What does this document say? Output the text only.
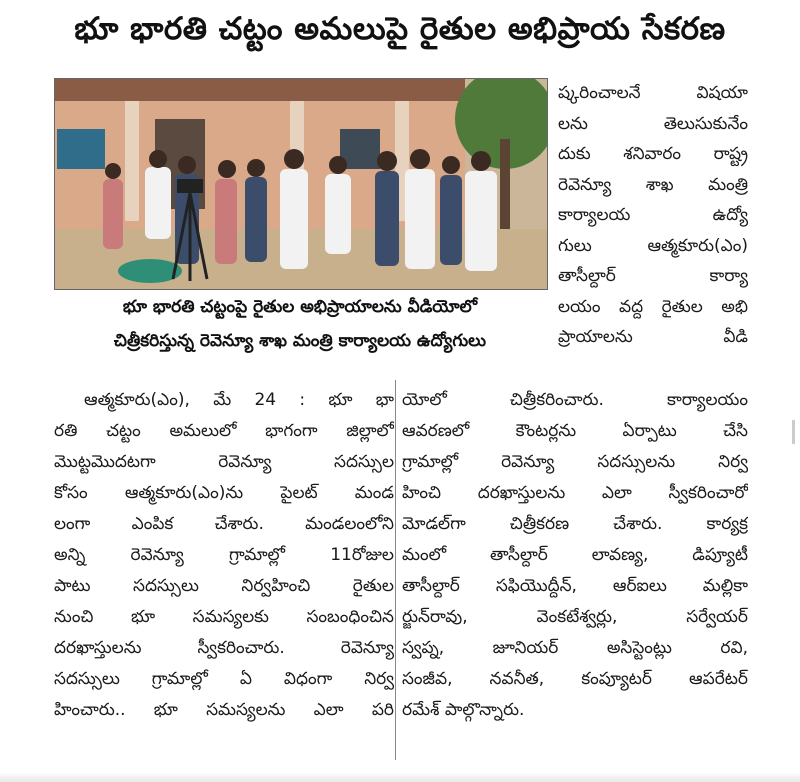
భూ భారతి చట్టం అమలుపై రైతుల అభిప్రాయ సేకరణ
భూ భారతి చట్టంపై రైతుల అభిప్రాయాలను వీడియోలో
చిత్రీకరిస్తున్న రెవెన్యూ శాఖ మంత్రి కార్యాలయ ఉద్యోగులు
ష్కరించాలనే విషయా
లను తెలుసుకునేం
దుకు శనివారం రాష్ట్ర
రెవెన్యూ శాఖ మంత్రి
కార్యాలయ ఉద్యో
గులు ఆత్మకూరు(ఎం)
తాసీల్దార్ కార్యా
లయం వద్ద రైతుల అభి
ప్రాయాలను వీడి
ఆత్మకూరు(ఎం), మే 24 : భూ భా
రతి చట్టం అమలులో భాగంగా జిల్లాలో
మొట్టమొదటగా రెవెన్యూ సదస్సుల
కోసం ఆత్మకూరు(ఎం)ను పైలట్ మండ
లంగా ఎంపిక చేశారు. మండలంలోని
అన్ని రెవెన్యూ గ్రామాల్లో 11రోజుల
పాటు సదస్సులు నిర్వహించి రైతుల
నుంచి భూ సమస్యలకు సంబంధించిన
దరఖాస్తులను స్వీకరించారు. రెవెన్యూ
సదస్సులు గ్రామాల్లో ఏ విధంగా నిర్వ
హించారు.. భూ సమస్యలను ఎలా పరి
యోలో చిత్రీకరించారు. కార్యాలయం
ఆవరణలో కౌంటర్లను ఏర్పాటు చేసి
గ్రామాల్లో రెవెన్యూ సదస్సులను నిర్వ
హించి దరఖాస్తులను ఎలా స్వీకరించారో
మోడల్‌గా చిత్రీకరణ చేశారు. కార్యక్ర
మంలో తాసీల్దార్ లావణ్య, డిప్యూటీ
తాసీల్దార్ సఫియొద్దీన్, ఆర్ఐలు మల్లికా
ర్జున్‌రావు, వెంకటేశ్వర్లు, సర్వేయర్
స్వప్న, జూనియర్ అసిస్టెంట్లు రవి,
సంజీవ, నవనీత, కంప్యూటర్ ఆపరేటర్
రమేశ్ పాల్గొన్నారు.
